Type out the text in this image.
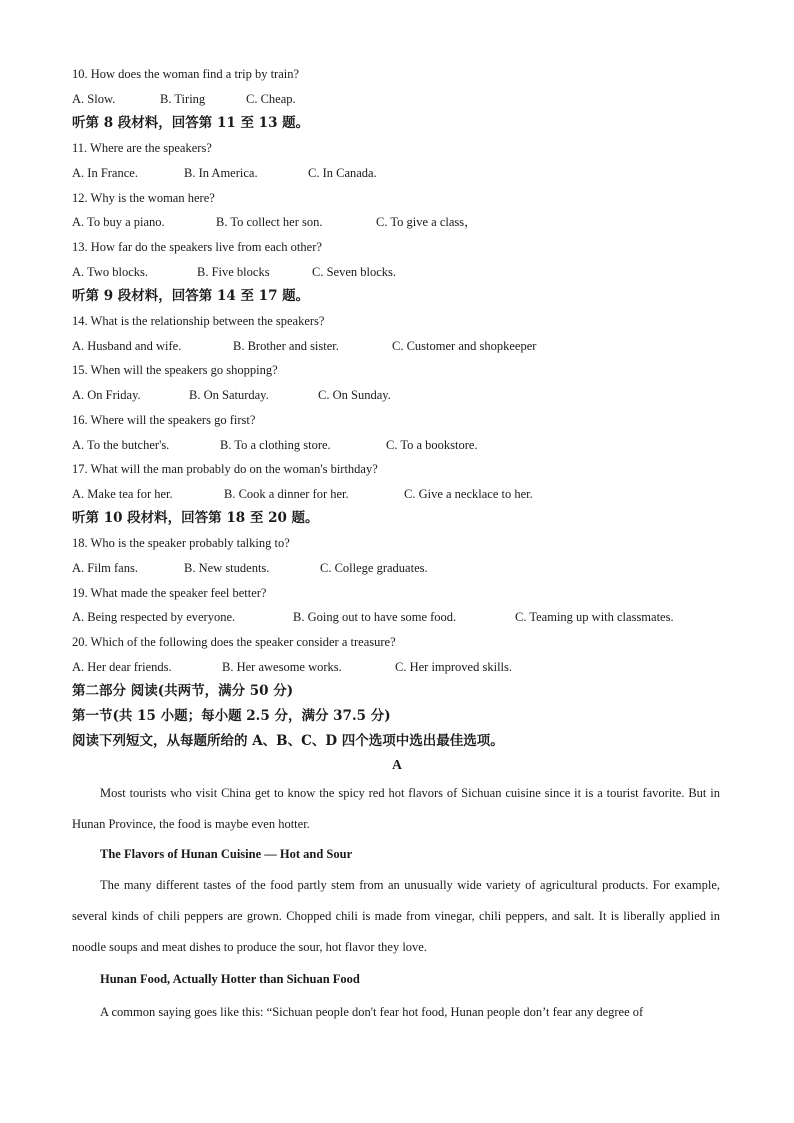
10. How does the woman find a trip by train?
A. Slow.	B. Tiring	C. Cheap.
听第 8 段材料，回答第 11 至 13 题。
11. Where are the speakers?
A. In France.	B. In America.	C. In Canada.
12. Why is the woman here?
A. To buy a piano.	B. To collect her son.	C. To give a class，
13. How far do the speakers live from each other?
A. Two blocks.	B. Five blocks	C. Seven blocks.
听第 9 段材料，回答第 14 至 17 题。
14. What is the relationship between the speakers?
A. Husband and wife.	B. Brother and sister.	C. Customer and shopkeeper
15. When will the speakers go shopping?
A. On Friday.	B. On Saturday.	C. On Sunday.
16. Where will the speakers go first?
A. To the butcher's.	B. To a clothing store.	C. To a bookstore.
17. What will the man probably do on the woman's birthday?
A. Make tea for her.	B. Cook a dinner for her.	C. Give a necklace to her.
听第 10 段材料，回答第 18 至 20 题。
18. Who is the speaker probably talking to?
A. Film fans.	B. New students.	C. College graduates.
19. What made the speaker feel better?
A. Being respected by everyone.	B. Going out to have some food.	C. Teaming up with classmates.
20. Which of the following does the speaker consider a treasure?
A. Her dear friends.	B. Her awesome works.	C. Her improved skills.
第二部分 阅读(共两节，满分 50 分)
第一节(共 15 小题；每小题 2.5 分，满分 37.5 分)
阅读下列短文，从每题所给的 A、B、C、D 四个选项中选出最佳选项。
A
Most tourists who visit China get to know the spicy red hot flavors of Sichuan cuisine since it is a tourist favorite. But in Hunan Province, the food is maybe even hotter.
The Flavors of Hunan Cuisine — Hot and Sour
The many different tastes of the food partly stem from an unusually wide variety of agricultural products. For example, several kinds of chili peppers are grown. Chopped chili is made from vinegar, chili peppers, and salt. It is liberally applied in noodle soups and meat dishes to produce the sour, hot flavor they love.
Hunan Food, Actually Hotter than Sichuan Food
A common saying goes like this: “Sichuan people don't fear hot food, Hunan people don’t fear any degree of
